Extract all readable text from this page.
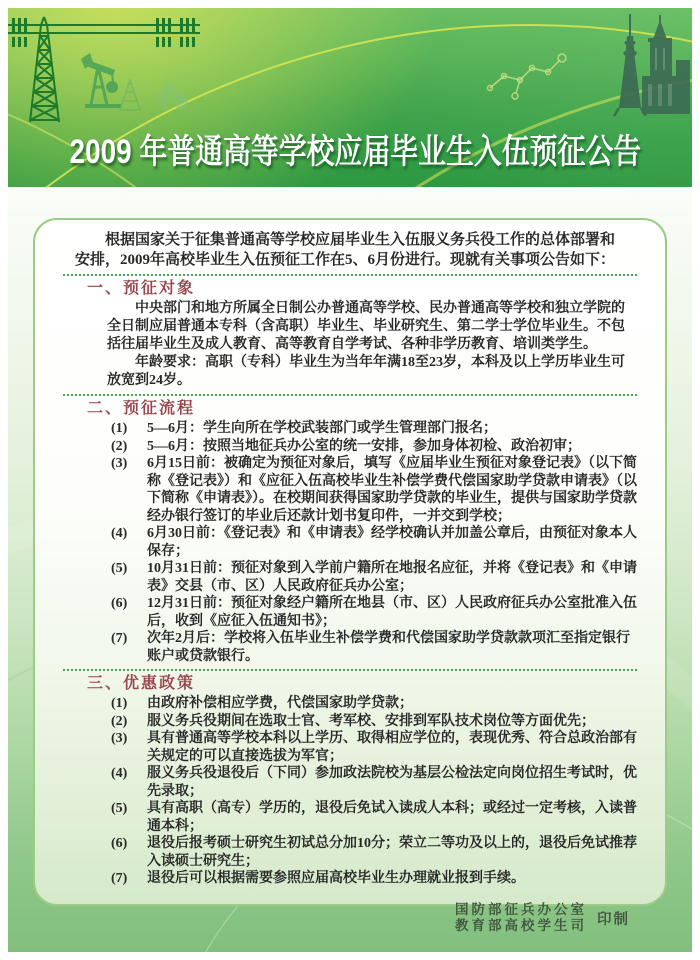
2009 年普通高等学校应届毕业生入伍预征公告
根据国家关于征集普通高等学校应届毕业生入伍服义务兵役工作的总体部署和安排，2009年高校毕业生入伍预征工作在5、6月份进行。现就有关事项公告如下：
一、预征对象
中央部门和地方所属全日制公办普通高等学校、民办普通高等学校和独立学院的全日制应届普通本专科（含高职）毕业生、毕业研究生、第二学士学位毕业生。不包括往届毕业生及成人教育、高等教育自学考试、各种非学历教育、培训类学生。
年龄要求：高职（专科）毕业生为当年年满18至23岁，本科及以上学历毕业生可放宽到24岁。
二、预征流程
(1) 5—6月：学生向所在学校武装部门或学生管理部门报名；
(2) 5—6月：按照当地征兵办公室的统一安排，参加身体初检、政治初审；
(3) 6月15日前：被确定为预征对象后，填写《应届毕业生预征对象登记表》（以下简称《登记表》）和《应征入伍高校毕业生补偿学费代偿国家助学贷款申请表》（以下简称《申请表》）。在校期间获得国家助学贷款的毕业生，提供与国家助学贷款经办银行签订的毕业后还款计划书复印件，一并交到学校；
(4) 6月30日前：《登记表》和《申请表》经学校确认并加盖公章后，由预征对象本人保存；
(5) 10月31日前：预征对象到入学前户籍所在地报名应征，并将《登记表》和《申请表》交县（市、区）人民政府征兵办公室；
(6) 12月31日前：预征对象经户籍所在地县（市、区）人民政府征兵办公室批准入伍后，收到《应征入伍通知书》；
(7) 次年2月后：学校将入伍毕业生补偿学费和代偿国家助学贷款款项汇至指定银行账户或贷款银行。
三、优惠政策
(1) 由政府补偿相应学费，代偿国家助学贷款；
(2) 服义务兵役期间在选取士官、考军校、安排到军队技术岗位等方面优先；
(3) 具有普通高等学校本科以上学历、取得相应学位的，表现优秀、符合总政治部有关规定的可以直接选拔为军官；
(4) 服义务兵役退役后（下同）参加政法院校为基层公检法定向岗位招生考试时，优先录取；
(5) 具有高职（高专）学历的，退役后免试入读成人本科；或经过一定考核，入读普通本科；
(6) 退役后报考硕士研究生初试总分加10分；荣立二等功及以上的，退役后免试推荐入读硕士研究生；
(7) 退役后可以根据需要参照应届高校毕业生办理就业报到手续。
国防部征兵办公室
教育部高校学生司 印制
